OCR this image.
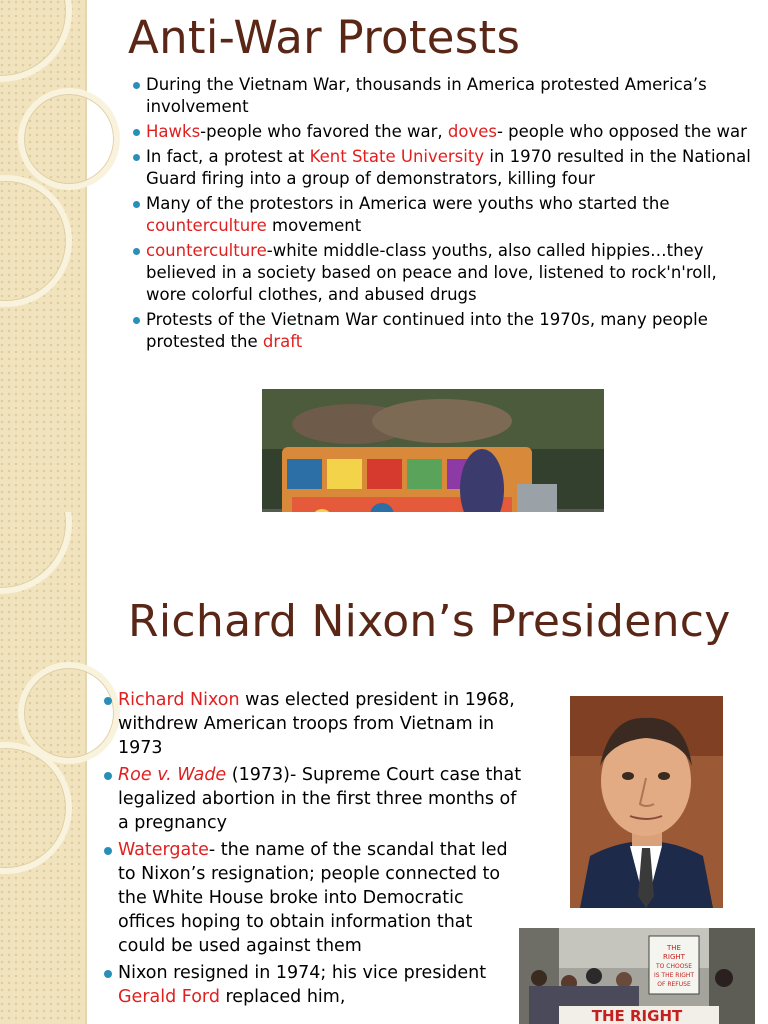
Anti-War Protests
During the Vietnam War, thousands in America protested America’s involvement
Hawks-people who favored the war, doves- people who opposed the war
In fact, a protest at Kent State University in 1970 resulted in the National Guard firing into a group of demonstrators, killing four
Many of the protestors in America were youths who started the counterculture movement
counterculture-white middle-class youths, also called hippies…they believed in a society based on peace and love, listened to rock'n'roll, wore colorful clothes, and abused drugs
Protests of the Vietnam War continued into the 1970s, many people protested the draft
Richard Nixon’s Presidency
Richard Nixon was elected president in 1968, withdrew American troops from Vietnam in 1973
Roe v. Wade (1973)- Supreme Court case that legalized abortion in the first three months of a pregnancy
Watergate- the name of the scandal that led to Nixon’s resignation; people connected to the White House broke into Democratic offices hoping to obtain information that could be used against them
Nixon resigned in 1974; his vice president Gerald Ford replaced him,
THE
RIGHT
TO CHOOSE
IS THE RIGHT
OF REFUSE
THE RIGHT
